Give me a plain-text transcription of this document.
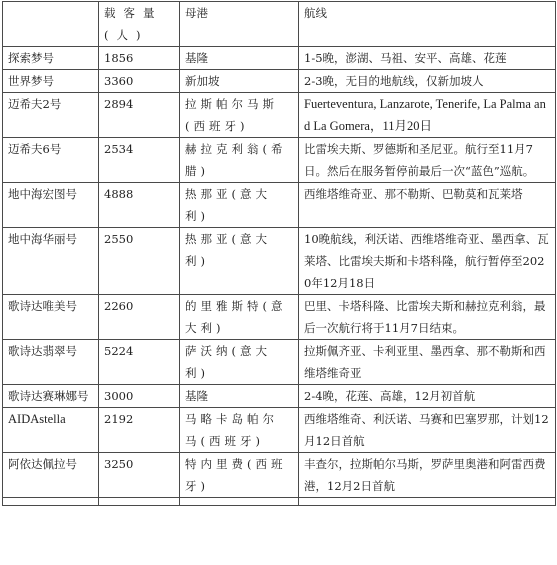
	载客量(人)	母港	航线
探索梦号	1856	基隆	1-5晚，澎湖、马祖、安平、高雄、花莲
世界梦号	3360	新加坡	2-3晚，无目的地航线，仅新加坡人
迈希夫2号	2894	拉斯帕尔马斯(西班牙)	Fuerteventura, Lanzarote, Tenerife, La Palma and La Gomera，11月20日
迈希夫6号	2534	赫拉克利翁(希腊)	比雷埃夫斯、罗德斯和圣尼亚。航行至11月7日。然后在服务暂停前最后一次“蓝色”巡航。
地中海宏图号	4888	热那亚(意大利)	西维塔维奇亚、那不勒斯、巴勒莫和瓦莱塔
地中海华丽号	2550	热那亚(意大利)	10晚航线，利沃诺、西维塔维奇亚、墨西拿、瓦莱塔、比雷埃夫斯和卡塔科隆，航行暂停至2020年12月18日
歌诗达唯美号	2260	的里雅斯特(意大利)	巴里、卡塔科隆、比雷埃夫斯和赫拉克利翁，最后一次航行将于11月7日结束。
歌诗达翡翠号	5224	萨沃纳(意大利)	拉斯佩齐亚、卡利亚里、墨西拿、那不勒斯和西维塔维奇亚
歌诗达赛琳娜号	3000	基隆	2-4晚，花莲、高雄，12月初首航
AIDAstella	2192	马略卡岛帕尔马(西班牙)	西维塔维奇、利沃诺、马赛和巴塞罗那，计划12月12日首航
阿依达佩拉号	3250	特内里费(西班牙)	丰查尔，拉斯帕尔马斯，罗萨里奥港和阿雷西费港，12月2日首航
